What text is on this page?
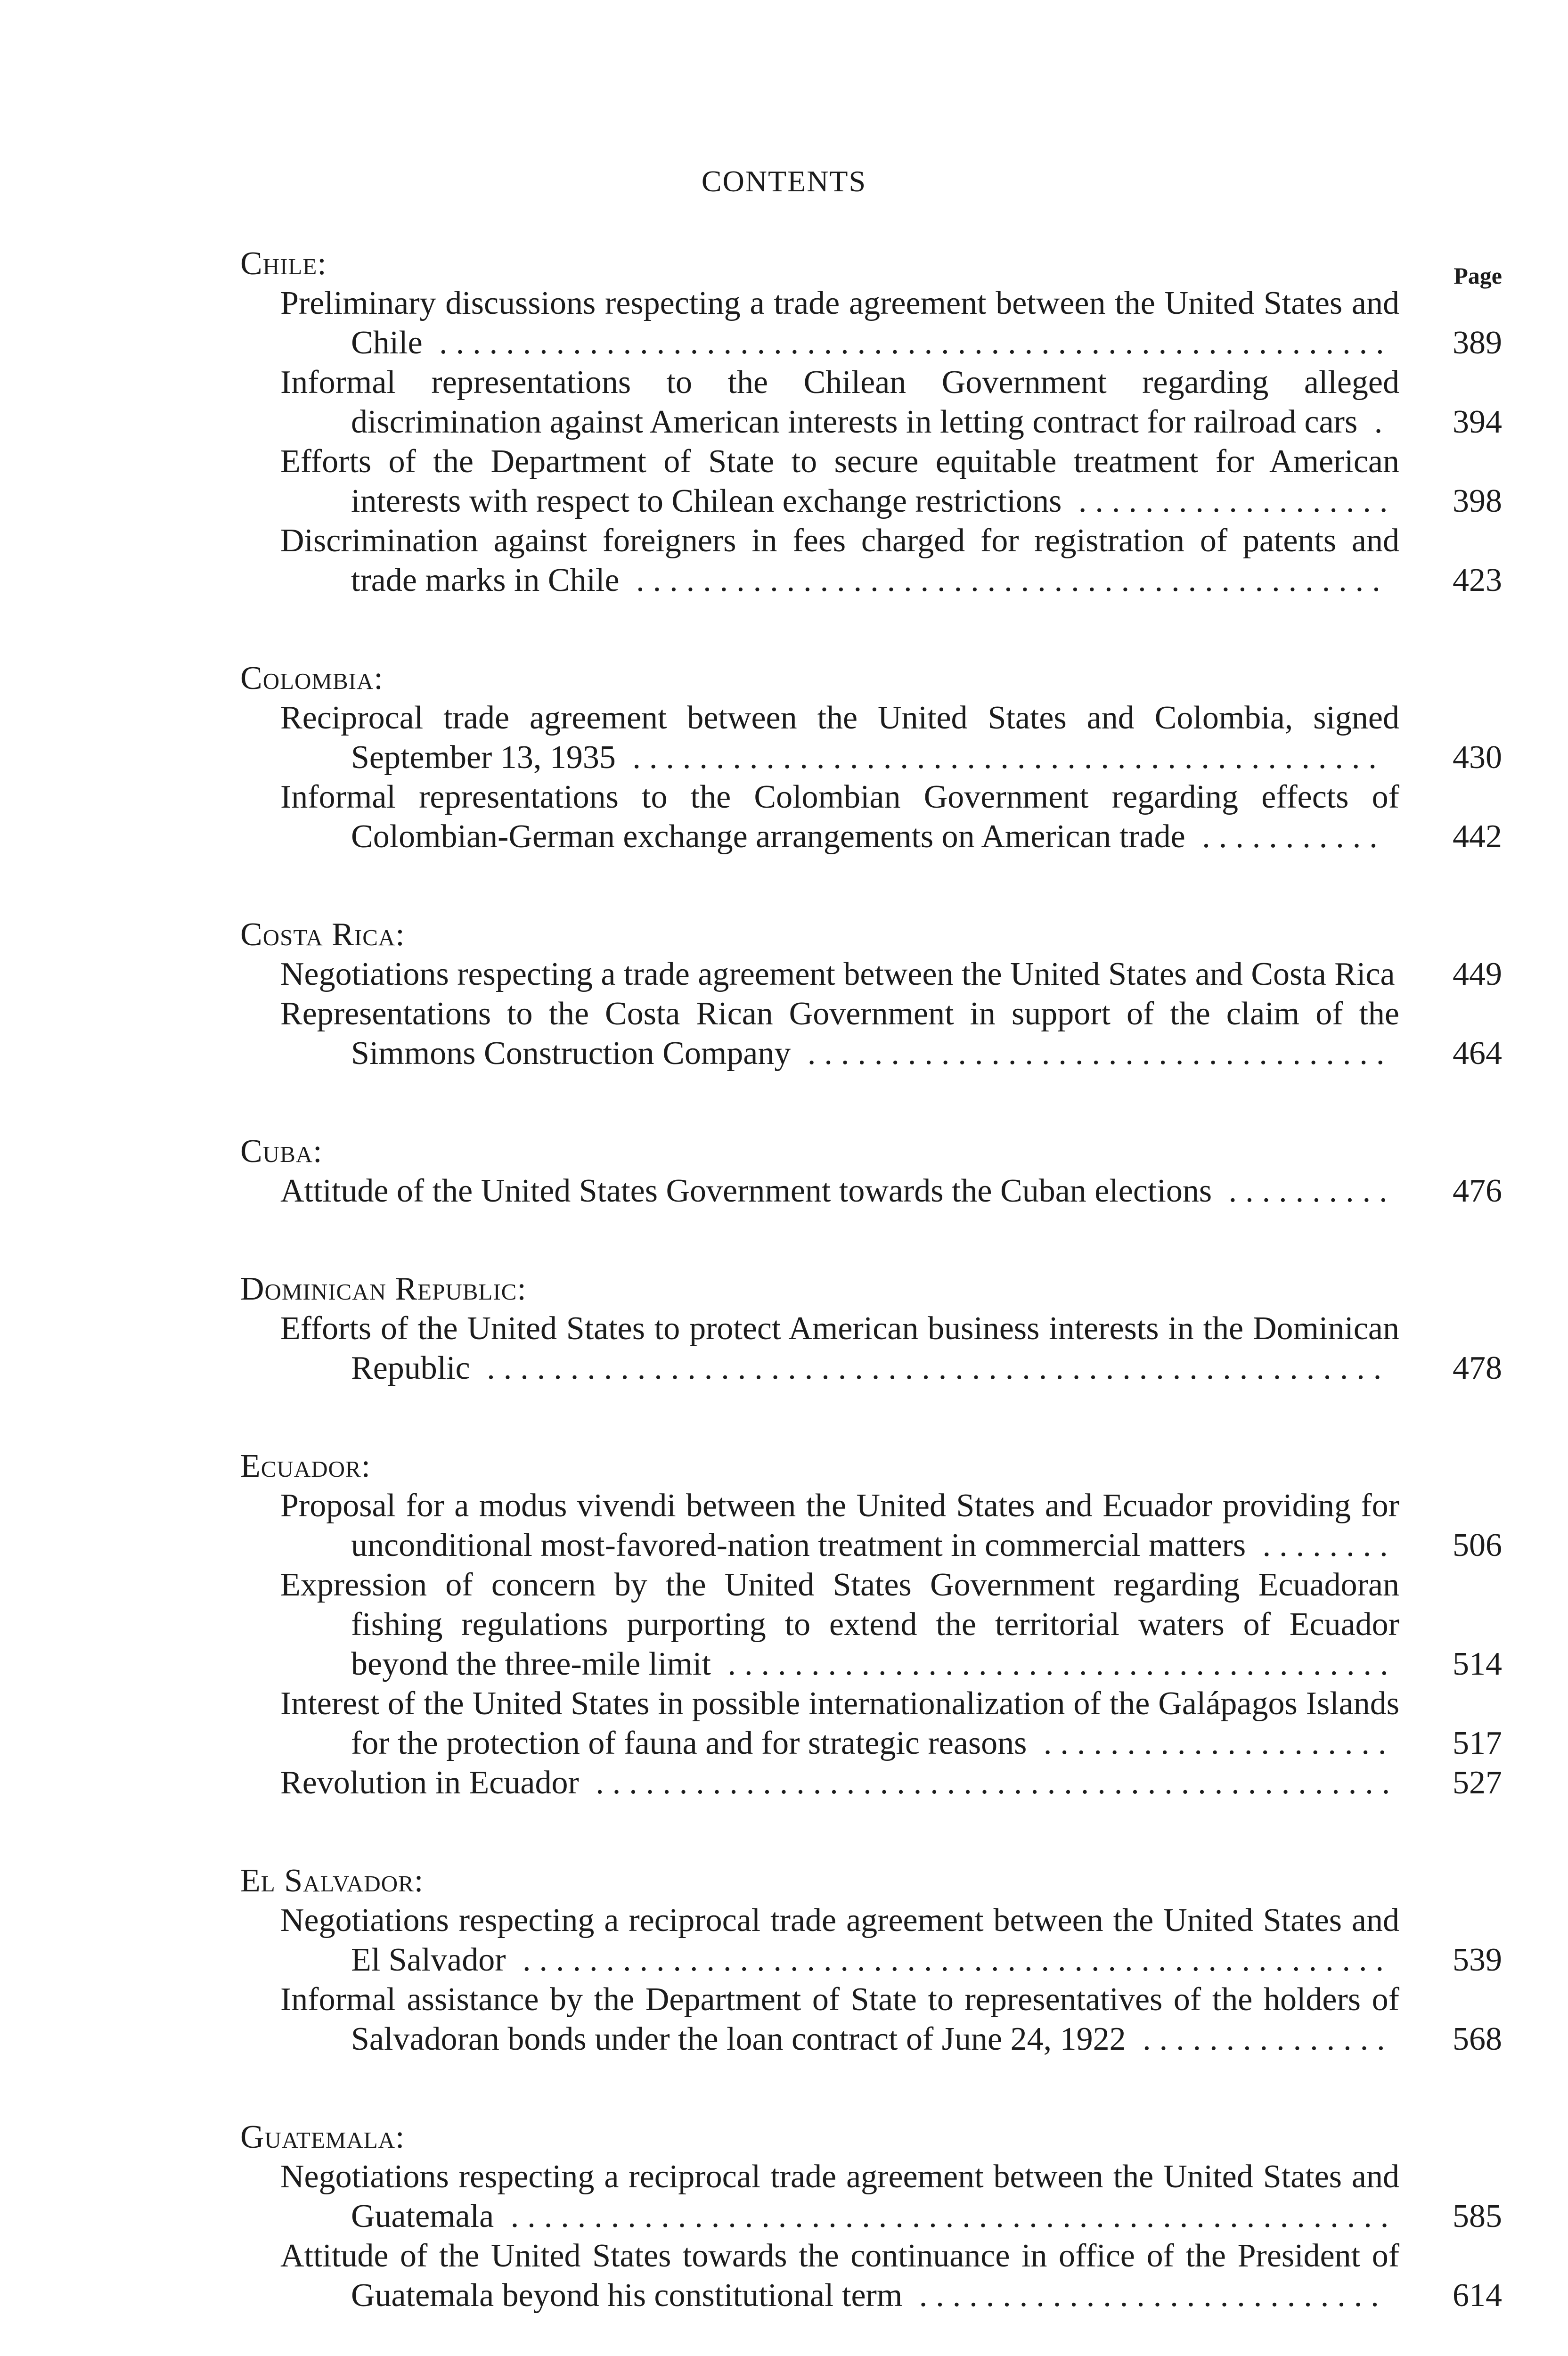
CONTENTS
Page
Chile:
Preliminary discussions respecting a trade agreement between the United States and Chile .........................................................	389
Informal representations to the Chilean Government regarding alleged discrimination against American interests in letting contract for railroad cars .	394
Efforts of the Department of State to secure equitable treatment for American interests with respect to Chilean exchange restrictions ...................	398
Discrimination against foreigners in fees charged for registration of patents and trade marks in Chile .............................................	423
Colombia:
Reciprocal trade agreement between the United States and Colombia, signed September 13, 1935 .............................................	430
Informal representations to the Colombian Government regarding effects of Colombian-German exchange arrangements on American trade ...........	442
Costa Rica:
Negotiations respecting a trade agreement between the United States and Costa Rica	449
Representations to the Costa Rican Government in support of the claim of the Simmons Construction Company ...................................	464
Cuba:
Attitude of the United States Government towards the Cuban elections ..........	476
Dominican Republic:
Efforts of the United States to protect American business interests in the Dominican Republic ......................................................	478
Ecuador:
Proposal for a modus vivendi between the United States and Ecuador providing for unconditional most-favored-nation treatment in commercial matters ........	506
Expression of concern by the United States Government regarding Ecuadoran fishing regulations purporting to extend the territorial waters of Ecuador beyond the three-mile limit ........................................	514
Interest of the United States in possible internationalization of the Galápagos Islands for the protection of fauna and for strategic reasons .....................	517
Revolution in Ecuador ................................................	527
El Salvador:
Negotiations respecting a reciprocal trade agreement between the United States and El Salvador ....................................................	539
Informal assistance by the Department of State to representatives of the holders of Salvadoran bonds under the loan contract of June 24, 1922 ...............	568
Guatemala:
Negotiations respecting a reciprocal trade agreement between the United States and Guatemala .....................................................	585
Attitude of the United States towards the continuance in office of the President of Guatemala beyond his constitutional term ............................	614
